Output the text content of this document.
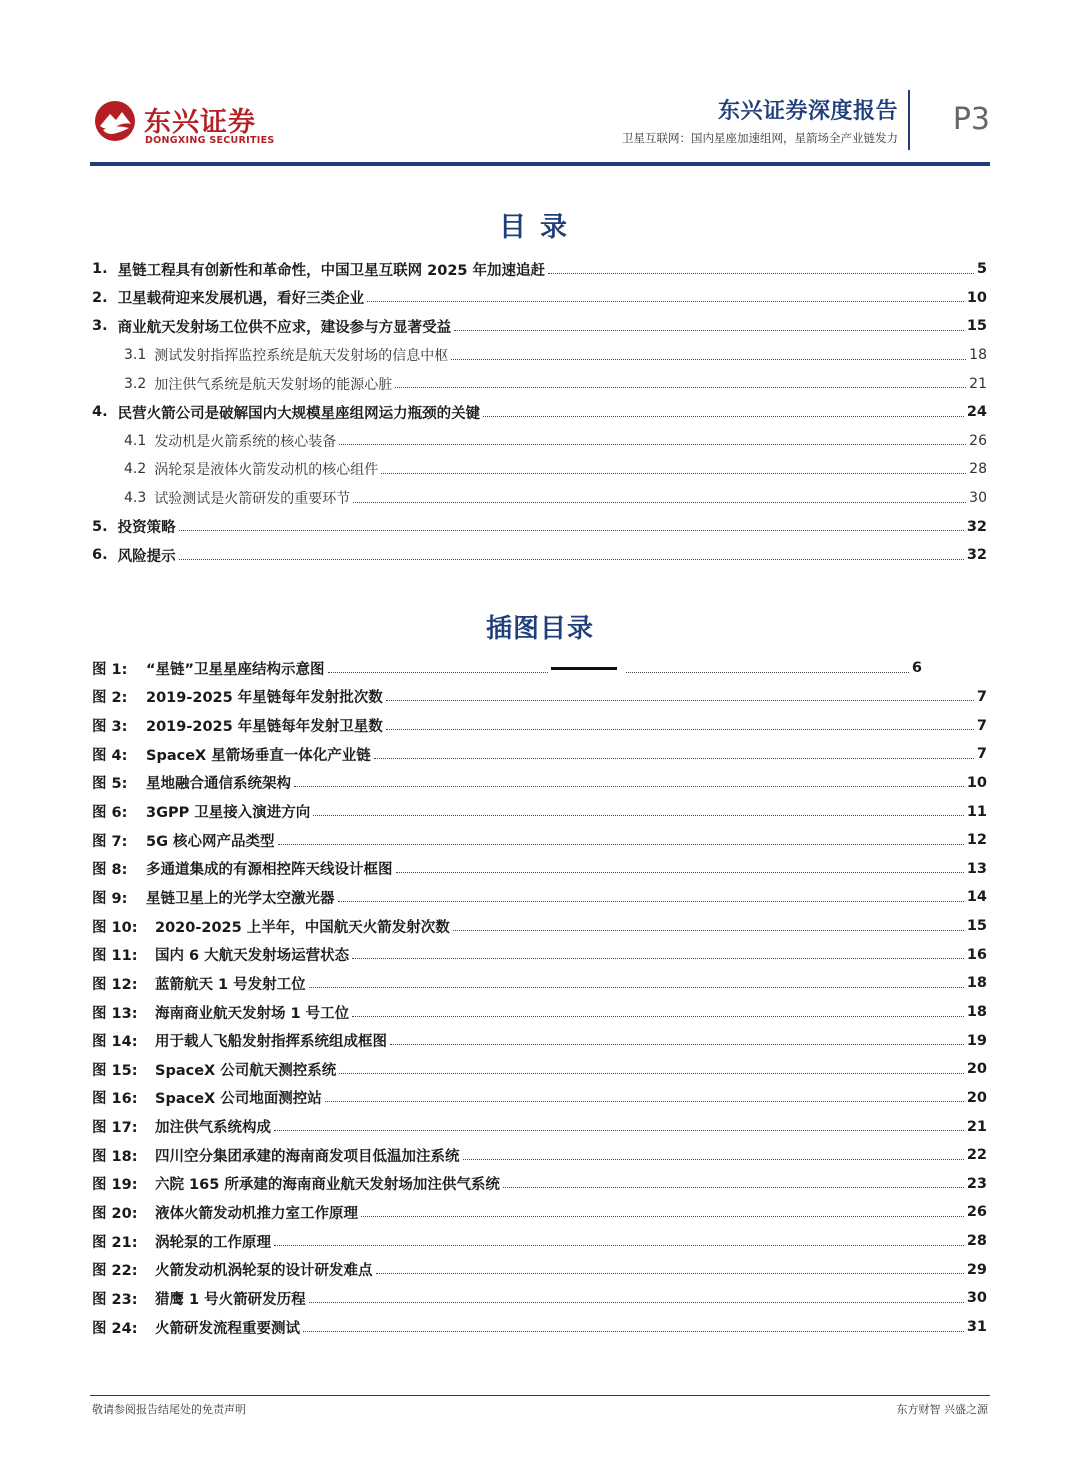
东兴证券
DONGXING SECURITIES
东兴证券深度报告
卫星互联网：国内星座加速组网，星箭场全产业链发力
P3
目录
1. 星链工程具有创新性和革命性，中国卫星互联网 2025 年加速追赶	5
2. 卫星载荷迎来发展机遇，看好三类企业	10
3. 商业航天发射场工位供不应求，建设参与方显著受益	15
3.1 测试发射指挥监控系统是航天发射场的信息中枢	18
3.2 加注供气系统是航天发射场的能源心脏	21
4. 民营火箭公司是破解国内大规模星座组网运力瓶颈的关键	24
4.1 发动机是火箭系统的核心装备	26
4.2 涡轮泵是液体火箭发动机的核心组件	28
4.3 试验测试是火箭研发的重要环节	30
5. 投资策略	32
6. 风险提示	32
插图目录
图 1:	“星链”卫星星座结构示意图	6
图 2:	2019-2025 年星链每年发射批次数	7
图 3:	2019-2025 年星链每年发射卫星数	7
图 4:	SpaceX 星箭场垂直一体化产业链	7
图 5:	星地融合通信系统架构	10
图 6:	3GPP 卫星接入演进方向	11
图 7:	5G 核心网产品类型	12
图 8:	多通道集成的有源相控阵天线设计框图	13
图 9:	星链卫星上的光学太空激光器	14
图 10:	2020-2025 上半年，中国航天火箭发射次数	15
图 11:	国内 6 大航天发射场运营状态	16
图 12:	蓝箭航天 1 号发射工位	18
图 13:	海南商业航天发射场 1 号工位	18
图 14:	用于载人飞船发射指挥系统组成框图	19
图 15:	SpaceX 公司航天测控系统	20
图 16:	SpaceX 公司地面测控站	20
图 17:	加注供气系统构成	21
图 18:	四川空分集团承建的海南商发项目低温加注系统	22
图 19:	六院 165 所承建的海南商业航天发射场加注供气系统	23
图 20:	液体火箭发动机推力室工作原理	26
图 21:	涡轮泵的工作原理	28
图 22:	火箭发动机涡轮泵的设计研发难点	29
图 23:	猎鹰 1 号火箭研发历程	30
图 24:	火箭研发流程重要测试	31
敬请参阅报告结尾处的免责声明	东方财智 兴盛之源
